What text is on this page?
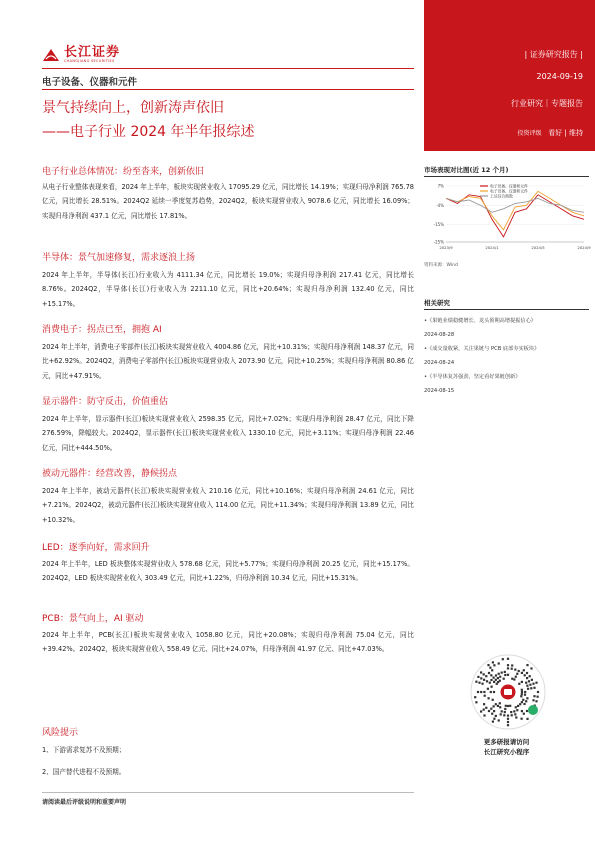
| 证券研究报告 |
2024-09-19
行业研究｜专题报告
投资评级 看好 | 维持
长江证券
CHANGJIANG SECURITIES
电子设备、仪器和元件
景气持续向上，创新涛声依旧
——电子行业 2024 年半年报综述
电子行业总体情况：纷至沓来，创新依旧
从电子行业整体表现来看，2024 年上半年，板块实现营业收入 17095.29 亿元，同比增长 14.19%；实现归母净利润 765.78 亿元，同比增长 28.51%。2024Q2 延续一季度复苏趋势，2024Q2，板块实现营业收入 9078.6 亿元，同比增长 16.09%；实现归母净利润 437.1 亿元，同比增长 17.81%。
半导体：景气加速修复，需求逐浪上扬
2024 年上半年，半导体(长江)行业收入为 4111.34 亿元，同比增长 19.0%；实现归母净利润 217.41 亿元，同比增长 8.76%。2024Q2，半导体(长江)行业收入为 2211.10 亿元，同比+20.64%；实现归母净利润 132.40 亿元，同比+15.17%。
消费电子：拐点已至，拥抱 AI
2024 年上半年，消费电子零部件(长江)板块实现营业收入 4004.86 亿元，同比+10.31%；实现归母净利润 148.37 亿元，同比+62.92%。2024Q2，消费电子零部件(长江)板块实现营业收入 2073.90 亿元，同比+10.25%；实现归母净利润 80.86 亿元，同比+47.91%。
显示器件：防守反击，价值重估
2024 年上半年，显示器件(长江)板块实现营业收入 2598.35 亿元，同比+7.02%；实现归母净利润 28.47 亿元，同比下降 276.59%，降幅较大。2024Q2，显示器件(长江)板块实现营业收入 1330.10 亿元，同比+3.11%；实现归母净利润 22.46 亿元，同比+444.50%。
被动元器件：经营改善，静候拐点
2024 年上半年，被动元器件(长江)板块实现营业收入 210.16 亿元，同比+10.16%；实现归母净利润 24.61 亿元，同比+7.21%。2024Q2，被动元器件(长江)板块实现营业收入 114.00 亿元，同比+11.34%；实现归母净利润 13.89 亿元，同比+10.32%。
LED：逐季向好，需求回升
2024 年上半年，LED 板块整体实现营业收入 578.68 亿元，同比+5.77%；实现归母净利润 20.25 亿元，同比+15.17%。2024Q2，LED 板块实现营业收入 303.49 亿元，同比+1.22%，归母净利润 10.34 亿元，同比+15.31%。
PCB：景气向上，AI 驱动
2024 年上半年，PCB(长江)板块实现营业收入 1058.80 亿元，同比+20.08%；实现归母净利润 75.04 亿元，同比+39.42%。2024Q2，板块实现营业收入 558.49 亿元、同比+24.07%，归母净利润 41.97 亿元、同比+47.03%。
风险提示
1、下游需求复苏不及预期；
2、国产替代进程不及预期。
请阅读最后评级说明和重要声明
市场表现对比图(近 12 个月)
7%
-4%
-15%
-25%
2023/9	2024/1	2024/5	2024/9
电子设备、仪器和元件
电子设备、仪器和元件
上证综合指数
资料来源：Wind
相关研究
•《果链业绩稳健增长、龙头预期高增提振信心》
2024-08-28
•《成交量收紧，关注果链与 PCB 底部夯实板块》
2024-08-24
•《半导体复苏强劲，坚定看好果链创新》
2024-08-15
更多研报请访问
长江研究小程序
